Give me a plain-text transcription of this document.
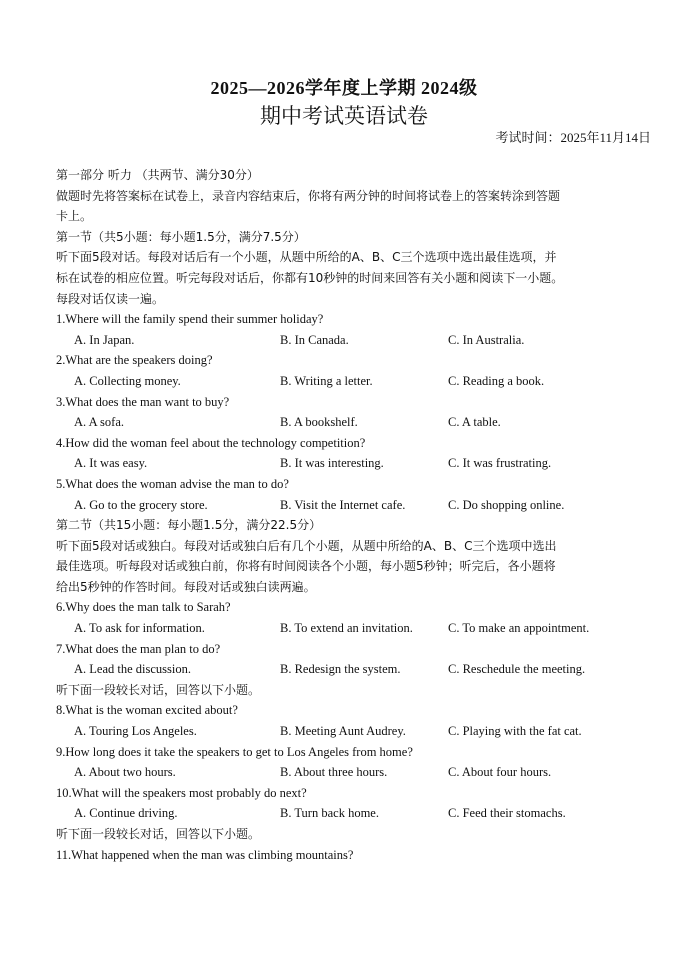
2025—2026学年度上学期 2024级
期中考试英语试卷
考试时间：2025年11月14日
第一部分 听力 （共两节、满分30分）
做题时先将答案标在试卷上，录音内容结束后，你将有两分钟的时间将试卷上的答案转涂到答题
卡上。
第一节（共5小题：每小题1.5分，满分7.5分）
听下面5段对话。每段对话后有一个小题，从题中所给的A、B、C三个选项中选出最佳选项，并
标在试卷的相应位置。听完每段对话后，你都有10秒钟的时间来回答有关小题和阅读下一小题。
每段对话仅读一遍。
1.Where will the family spend their summer holiday?
A. In Japan.	B. In Canada.	C. In Australia.
2.What are the speakers doing?
A. Collecting money.	B. Writing a letter.	C. Reading a book.
3.What does the man want to buy?
A. A sofa.	B. A bookshelf.	C. A table.
4.How did the woman feel about the technology competition?
A. It was easy.	B. It was interesting.	C. It was frustrating.
5.What does the woman advise the man to do?
A. Go to the grocery store.	B. Visit the Internet cafe.	C. Do shopping online.
第二节（共15小题：每小题1.5分，满分22.5分）
听下面5段对话或独白。每段对话或独白后有几个小题，从题中所给的A、B、C三个选项中选出
最佳选项。听每段对话或独白前，你将有时间阅读各个小题，每小题5秒钟；听完后，各小题将
给出5秒钟的作答时间。每段对话或独白读两遍。
6.Why does the man talk to Sarah?
A. To ask for information.	B. To extend an invitation.	C. To make an appointment.
7.What does the man plan to do?
A. Lead the discussion.	B. Redesign the system.	C. Reschedule the meeting.
听下面一段较长对话，回答以下小题。
8.What is the woman excited about?
A. Touring Los Angeles.	B. Meeting Aunt Audrey.	C. Playing with the fat cat.
9.How long does it take the speakers to get to Los Angeles from home?
A. About two hours.	B. About three hours.	C. About four hours.
10.What will the speakers most probably do next?
A. Continue driving.	B. Turn back home.	C. Feed their stomachs.
听下面一段较长对话，回答以下小题。
11.What happened when the man was climbing mountains?
